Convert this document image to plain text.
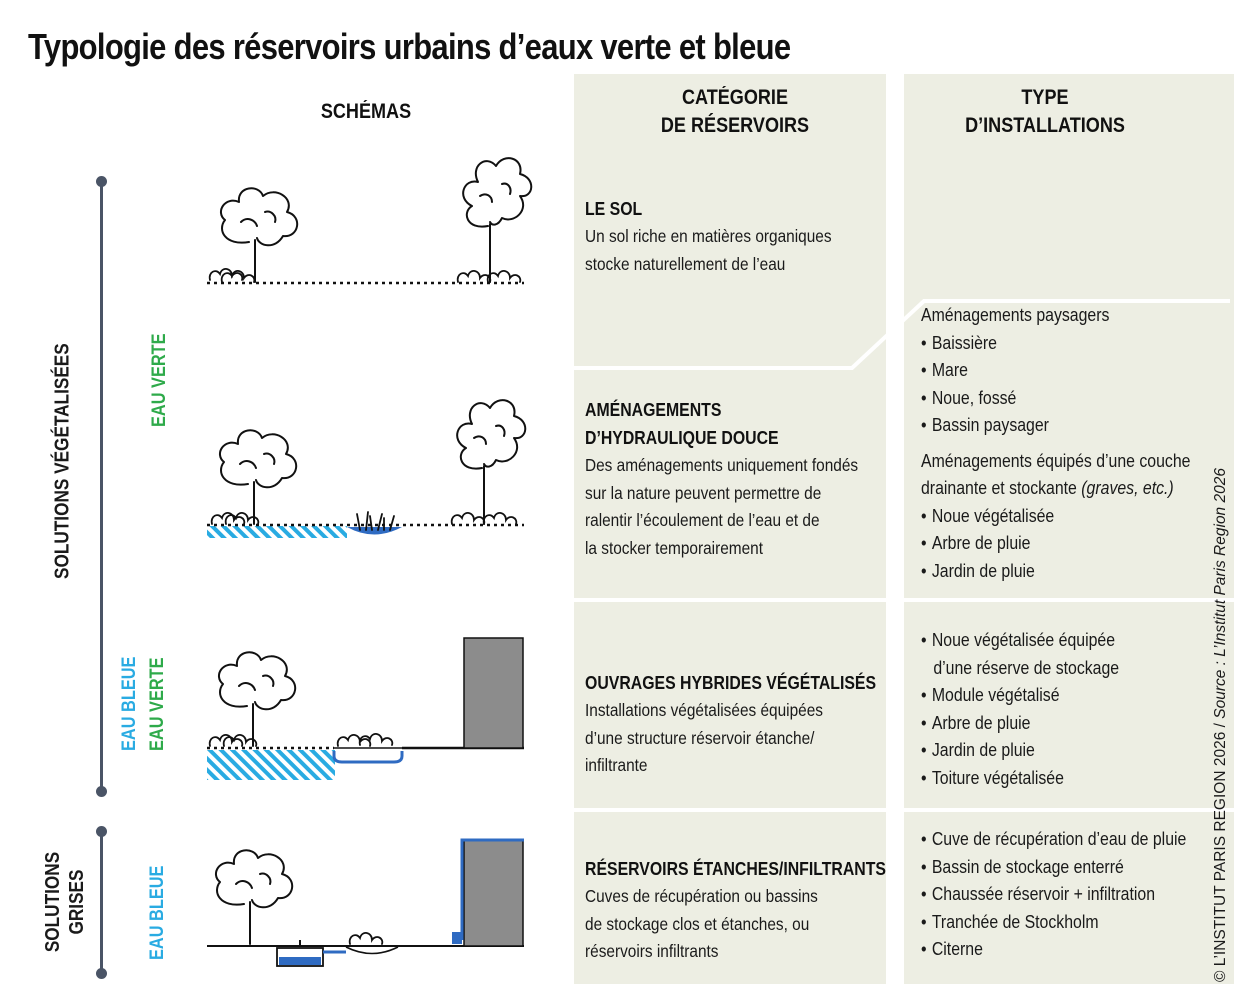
Typologie des réservoirs urbains d’eaux verte et bleue
SCHÉMAS
CATÉGORIE
DE RÉSERVOIRS
TYPE
D’INSTALLATIONS
LE SOL
Un sol riche en matières organiques
stocke naturellement de l’eau
AMÉNAGEMENTS
D’HYDRAULIQUE DOUCE
Des aménagements uniquement fondés
sur la nature peuvent permettre de
ralentir l’écoulement de l’eau et de
la stocker temporairement
OUVRAGES HYBRIDES VÉGÉTALISÉS
Installations végétalisées équipées
d’une structure réservoir étanche/
infiltrante
RÉSERVOIRS ÉTANCHES/INFILTRANTS
Cuves de récupération ou bassins
de stockage clos et étanches, ou
réservoirs infiltrants
Aménagements paysagers
• Baissière
• Mare
• Noue, fossé
• Bassin paysager
Aménagements équipés d’une couche
drainante et stockante (graves, etc.)
• Noue végétalisée
• Arbre de pluie
• Jardin de pluie
• Noue végétalisée équipée
d’une réserve de stockage
• Module végétalisé
• Arbre de pluie
• Jardin de pluie
• Toiture végétalisée
• Cuve de récupération d’eau de pluie
• Bassin de stockage enterré
• Chaussée réservoir + infiltration
• Tranchée de Stockholm
• Citerne	© L’INSTITUT PARIS REGION 2026 / Source : L’Institut Paris Region 2026
SOLUTIONS VÉGÉTALISÉES
SOLUTIONS GRISES
EAU VERTE
EAU BLEUE EAU VERTE
EAU BLEUE
